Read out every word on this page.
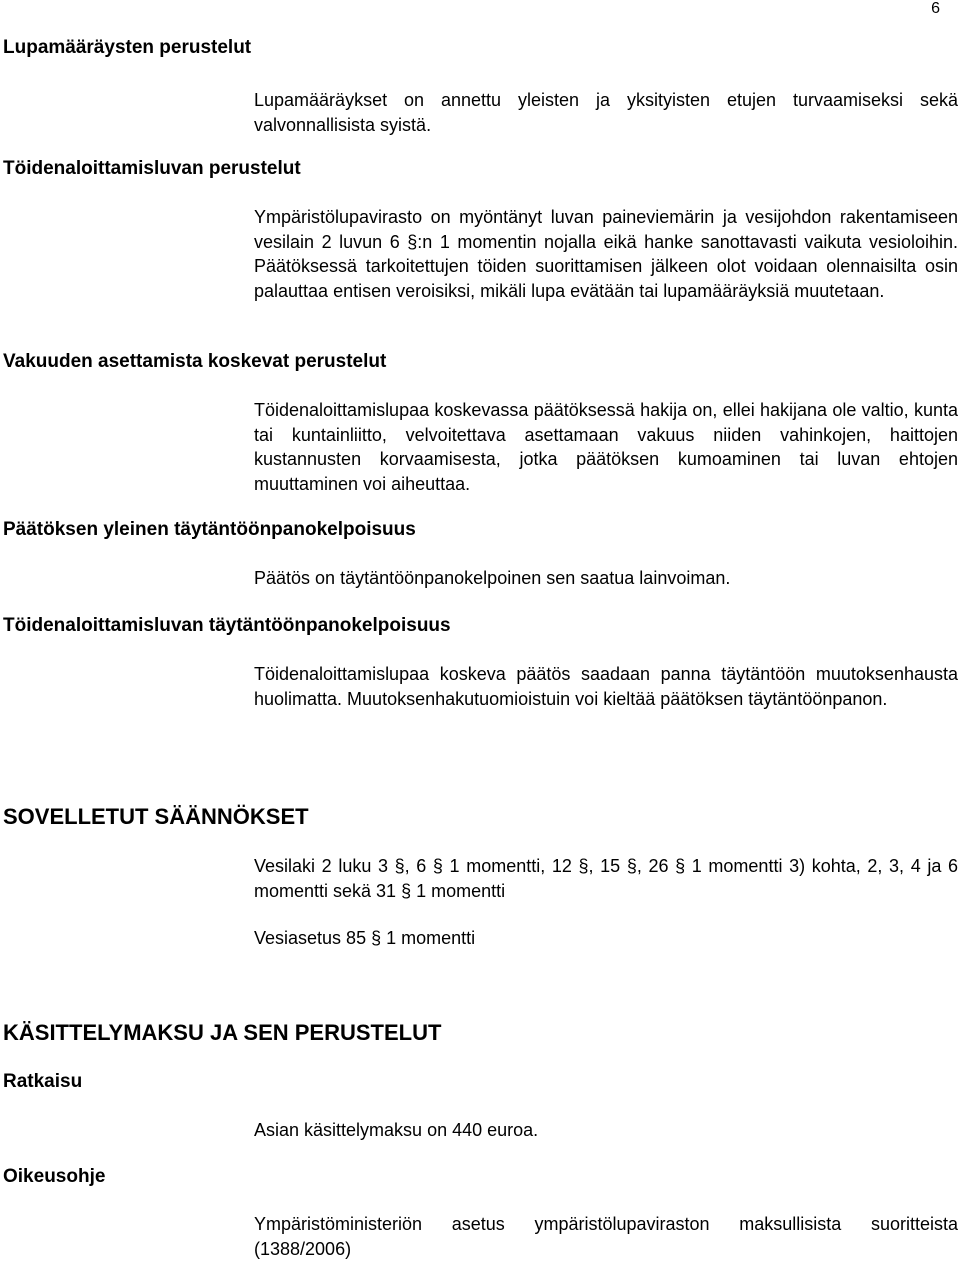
6
Lupamääräysten perustelut
Lupamääräykset on annettu yleisten ja yksityisten etujen turvaamiseksi sekä valvonnallisista syistä.
Töidenaloittamisluvan perustelut
Ympäristölupavirasto on myöntänyt luvan paineviemärin ja vesijohdon rakentamiseen vesilain 2 luvun 6 §:n 1 momentin nojalla eikä hanke sanottavasti vaikuta vesioloihin. Päätöksessä tarkoitettujen töiden suorittamisen jälkeen olot voidaan olennaisilta osin palauttaa entisen veroisiksi, mikäli lupa evätään tai lupamääräyksiä muutetaan.
Vakuuden asettamista koskevat perustelut
Töidenaloittamislupaa koskevassa päätöksessä hakija on, ellei hakijana ole valtio, kunta tai kuntainliitto, velvoitettava asettamaan vakuus niiden vahinkojen, haittojen kustannusten korvaamisesta, jotka päätöksen kumoaminen tai luvan ehtojen muuttaminen voi aiheuttaa.
Päätöksen yleinen täytäntöönpanokelpoisuus
Päätös on täytäntöönpanokelpoinen sen saatua lainvoiman.
Töidenaloittamisluvan täytäntöönpanokelpoisuus
Töidenaloittamislupaa koskeva päätös saadaan panna täytäntöön muutoksenhausta huolimatta. Muutoksenhakutuomioistuin voi kieltää päätöksen täytäntöönpanon.
SOVELLETUT SÄÄNNÖKSET
Vesilaki 2 luku 3 §, 6 § 1 momentti, 12 §, 15 §, 26 § 1 momentti 3) kohta, 2, 3, 4 ja 6 momentti sekä 31 § 1 momentti
Vesiasetus 85 § 1 momentti
KÄSITTELYMAKSU JA SEN PERUSTELUT
Ratkaisu
Asian käsittelymaksu on 440 euroa.
Oikeusohje
Ympäristöministeriön asetus ympäristölupaviraston maksullisista suoritteista (1388/2006)
